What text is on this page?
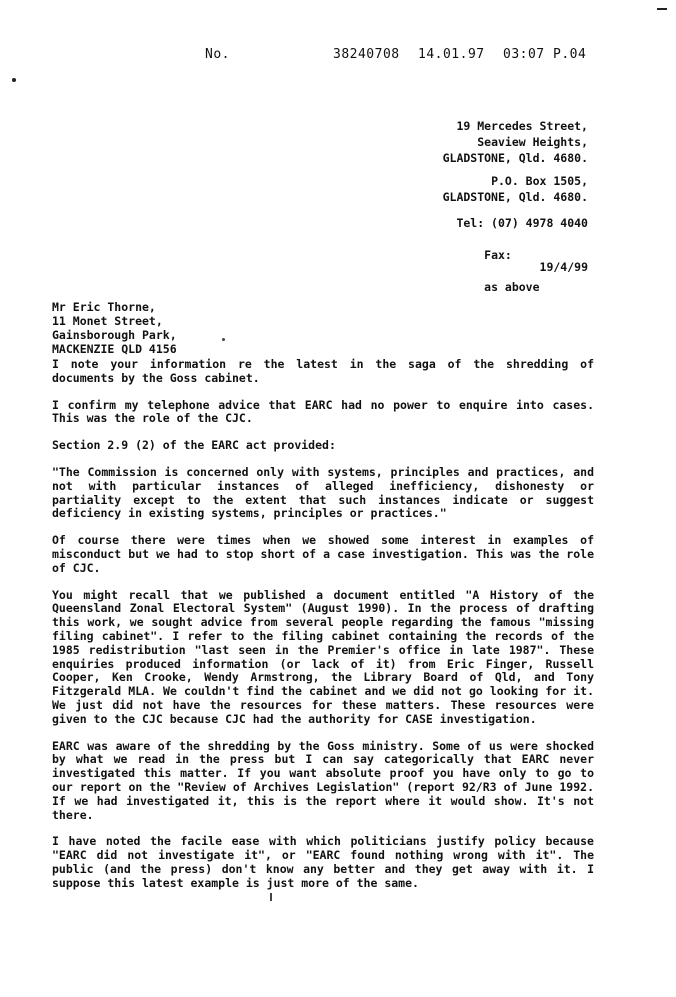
No.	38240708 14.01.97 03:07 P.04
19 Mercedes Street,
Seaview Heights,
GLADSTONE, Qld. 4680.
P.O. Box 1505,
GLADSTONE, Qld. 4680.
Tel: (07) 4978 4040

Fax:

as above

19/4/99
Mr Eric Thorne,
11 Monet Street,
Gainsborough Park,
MACKENZIE QLD 4156

I note your information re the latest in the saga of the shredding of documents by the Goss cabinet.

I confirm my telephone advice that EARC had no power to enquire into cases. This was the role of the CJC.

Section 2.9 (2) of the EARC act provided:

"The Commission is concerned only with systems, principles and practices, and not with particular instances of alleged inefficiency, dishonesty or partiality except to the extent that such instances indicate or suggest deficiency in existing systems, principles or practices."

Of course there were times when we showed some interest in examples of misconduct but we had to stop short of a case investigation. This was the role of CJC.

You might recall that we published a document entitled "A History of the Queensland Zonal Electoral System" (August 1990). In the process of drafting this work, we sought advice from several people regarding the famous "missing filing cabinet". I refer to the filing cabinet containing the records of the 1985 redistribution "last seen in the Premier's office in late 1987". These enquiries produced information (or lack of it) from Eric Finger, Russell Cooper, Ken Crooke, Wendy Armstrong, the Library Board of Qld, and Tony Fitzgerald MLA. We couldn't find the cabinet and we did not go looking for it. We just did not have the resources for these matters. These resources were given to the CJC because CJC had the authority for CASE investigation.

EARC was aware of the shredding by the Goss ministry. Some of us were shocked by what we read in the press but I can say categorically that EARC never investigated this matter. If you want absolute proof you have only to go to our report on the "Review of Archives Legislation" (report 92/R3 of June 1992. If we had investigated it, this is the report where it would show. It's not there.

I have noted the facile ease with which politicians justify policy because "EARC did not investigate it", or "EARC found nothing wrong with it". The public (and the press) don't know any better and they get away with it. I suppose this latest example is just more of the same.
